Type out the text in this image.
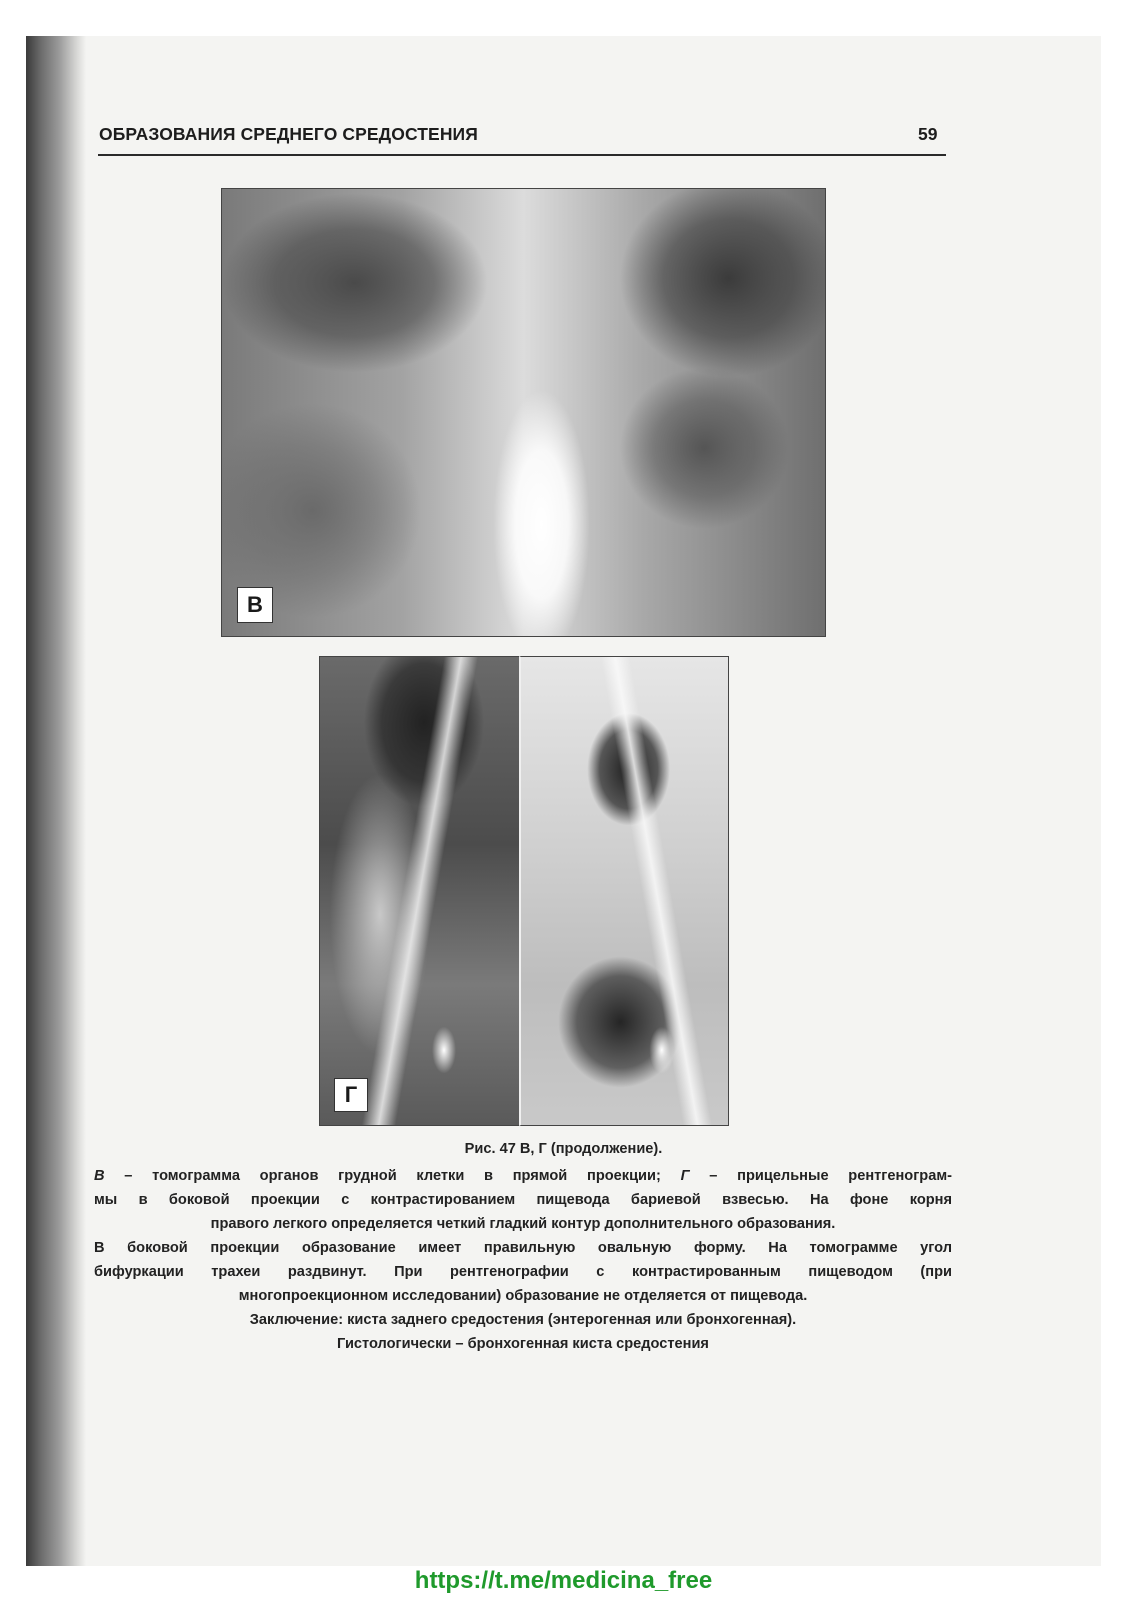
ОБРАЗОВАНИЯ СРЕДНЕГО СРЕДОСТЕНИЯ	59
В
Г
Рис. 47 В, Г (продолжение).
В – томограмма органов грудной клетки в прямой проекции; Г – прицельные рентгенограм-
мы в боковой проекции с контрастированием пищевода бариевой взвесью. На фоне корня
правого легкого определяется четкий гладкий контур дополнительного образования.
В боковой проекции образование имеет правильную овальную форму. На томограмме угол
бифуркации трахеи раздвинут. При рентгенографии с контрастированным пищеводом (при
многопроекционном исследовании) образование не отделяется от пищевода.
Заключение: киста заднего средостения (энтерогенная или бронхогенная).
Гистологически – бронхогенная киста средостения
https://t.me/medicina_free
